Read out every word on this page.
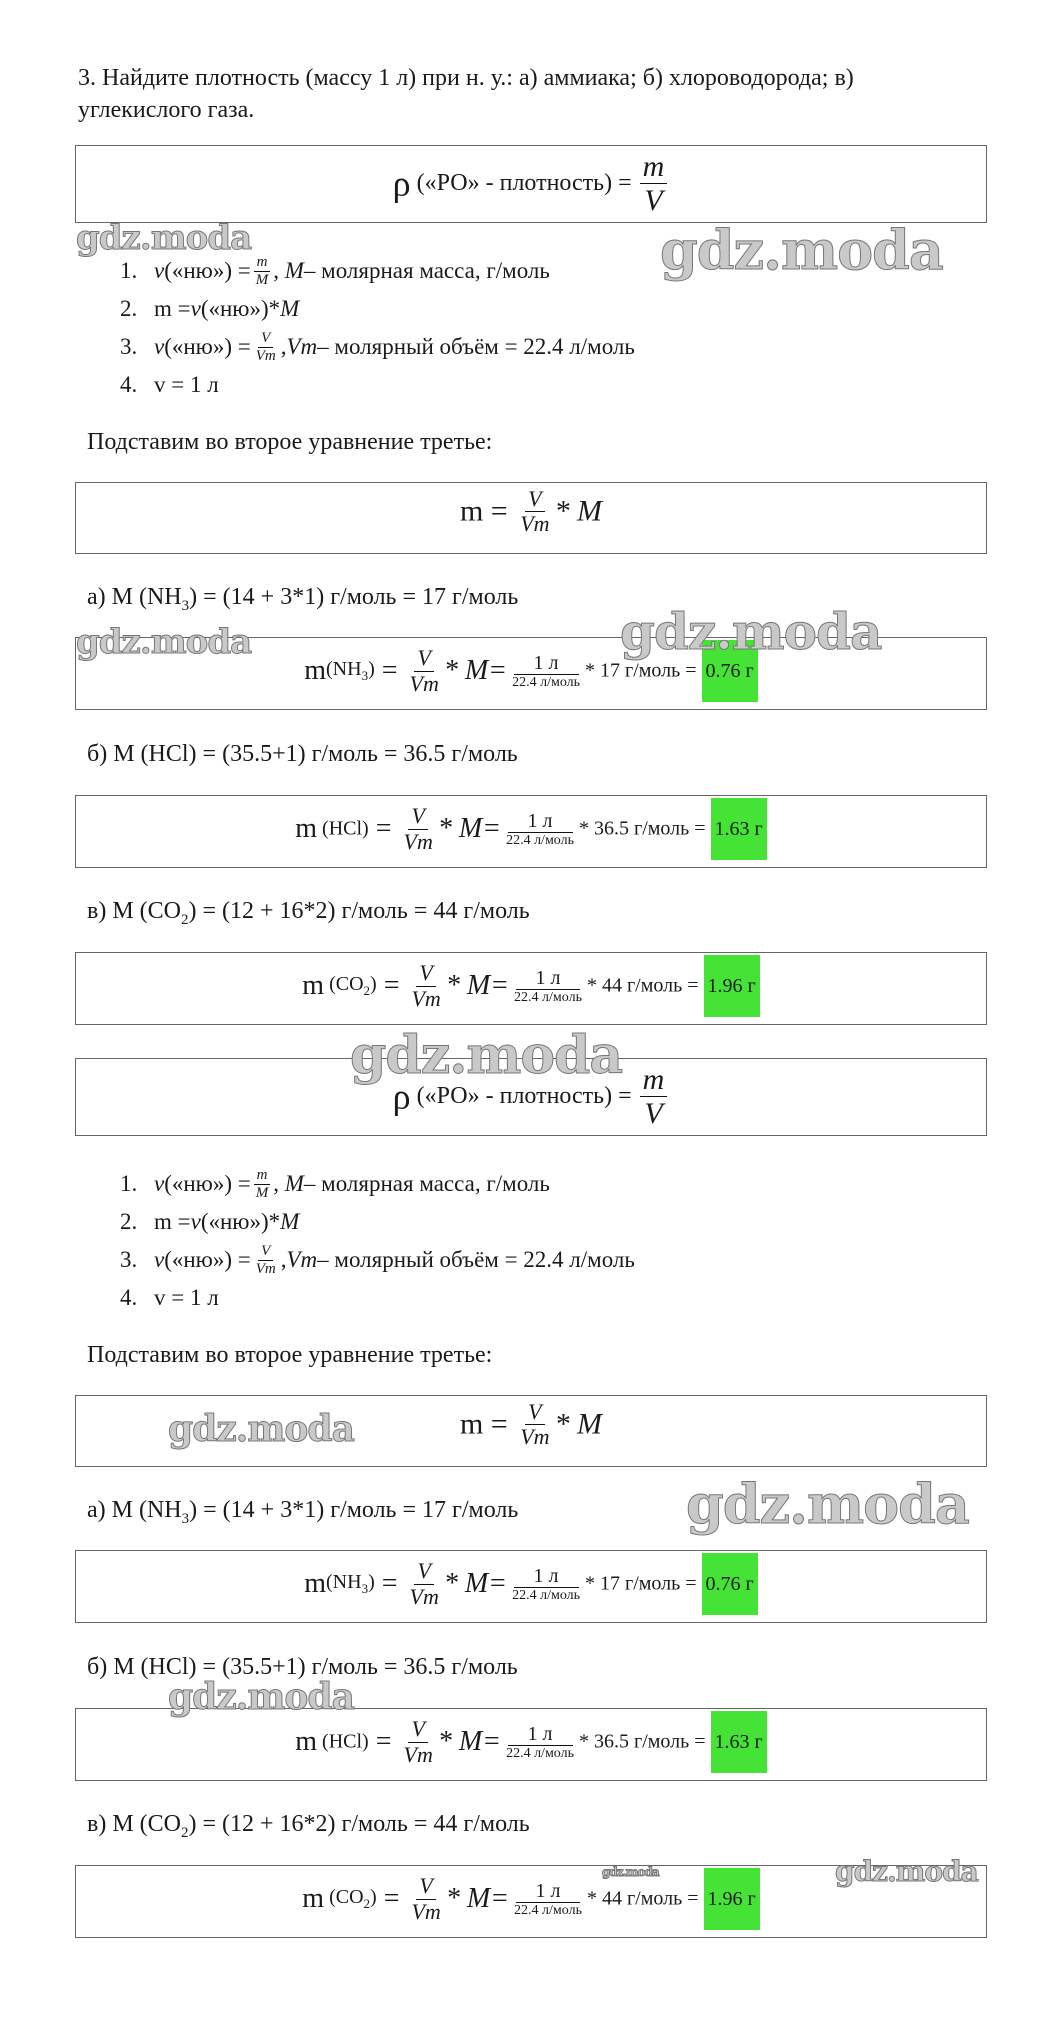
3. Найдите плотность (массу 1 л) при н. у.: а) аммиака; б) хлороводорода; в)
углекислого газа.
ρ («РО» - плотность) = $\frac{m}{V}$
1. ν («ню») = $\frac{m}{M}$ ,
M – молярная масса, г/моль
2. m = ν («ню»)* M
3. ν («ню») = $\frac{V}{Vm}$ , Vm – молярный объём = 22.4 л/моль
4. v = 1 л
Подставим во второе уравнение третье:
$m = \frac{V}{Vm} * M$
а) M $(NH_3) = (14 + 3*1)$ г/моль = 17 г/моль
$m(NH_3) = \frac{V}{Vm} * M= \frac{1 л}{\text{22.4 л/моль}} * 17$ г/моль = 0.76 г
б) M (HCl) = (35.5+1) г/моль = 36.5 г/моль
m $(HCl) = \frac{V}{Vm} * M= \frac{1 л}{\text{22.4 л/моль}} * 36.5$ г/моль = 1.63 г
в) M $(CO_2) = (12 + 16*2)$ г/моль = 44 г/моль
m $(CO_2) = \frac{V}{Vm} * M= \frac{1 л}{\text{22.4 л/моль}} * 44$ г/моль = 1.96 г
ρ («РО» - плотность) = $\frac{m}{V}$
1. ν («ню») = $\frac{m}{M}$ ,
M – молярная масса, г/моль
2. m = ν («ню»)* M
3. ν («ню») = $\frac{V}{Vm}$ , Vm – молярный объём = 22.4 л/моль
4. v = 1 л
Подставим во второе уравнение третье:
$m = \frac{V}{Vm} * M$
а) M $(NH_3) = (14 + 3*1)$ г/моль = 17 г/моль
$m(NH_3) = \frac{V}{Vm} * M= \frac{1 л}{\text{22.4 л/моль}} * 17$ г/моль = 0.76 г
б) M (HCl) = (35.5+1) г/моль = 36.5 г/моль
m $(HCl) = \frac{V}{Vm} * M= \frac{1 л}{\text{22.4 л/моль}} * 36.5$ г/моль = 1.63 г
в) M $(CO_2) = (12 + 16*2)$ г/моль = 44 г/моль
m $(CO_2) = \frac{V}{Vm} * M= \frac{1 л}{\text{22.4 л/моль}} * 44$ г/моль = 1.96 г
gdz.moda	gdz.moda
gdz.moda	gdz.moda
gdz.moda
gdz.moda
gdz.moda
gdz.moda
gdz.moda	gdz.moda
